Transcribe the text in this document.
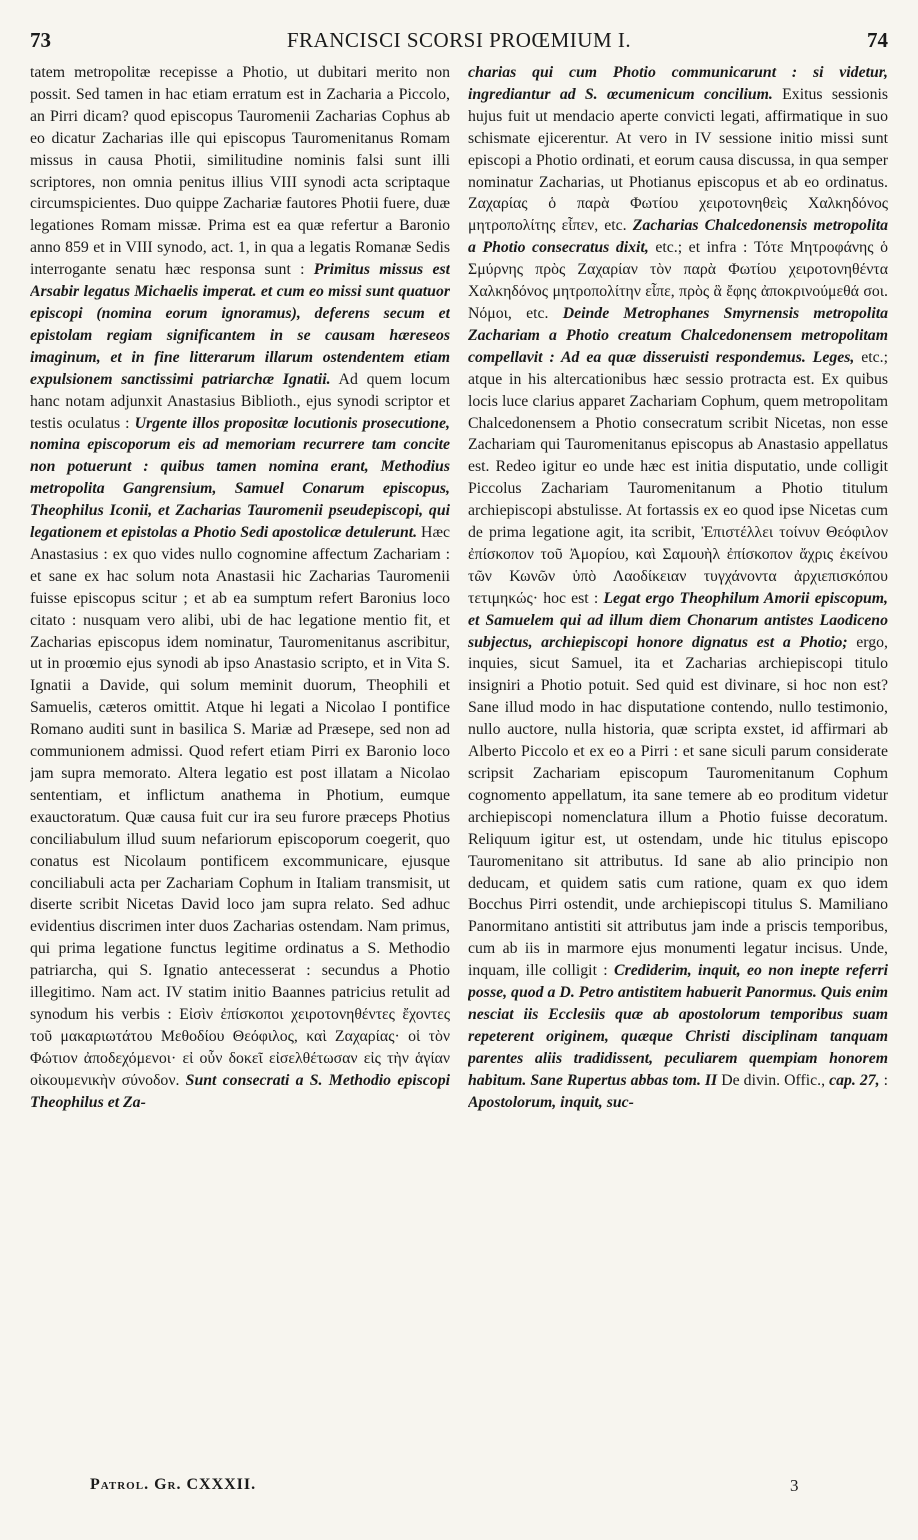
73	FRANCISCI SCORSI PROŒMIUM I.	74

tatem metropolitæ recepisse a Photio, ut dubitari merito non possit. Sed tamen in hac etiam erratum est in Zacharia a Piccolo, an Pirri dicam? quod episcopus Tauromenii Zacharias Cophus ab eo dicatur Zacharias ille qui episcopus Tauromenitanus Romam missus in causa Photii, similitudine nominis falsi sunt illi scriptores, non omnia penitus illius VIII synodi acta scriptaque circumspicientes. Duo quippe Zachariæ fautores Photii fuere, duæ legationes Romam missæ. Prima est ea quæ refertur a Baronio anno 859 et in VIII synodo, act. 1, in qua a legatis Romanæ Sedis interrogante senatu hæc responsa sunt : Primitus missus est Arsabir legatus Michaelis imperat. et cum eo missi sunt quatuor episcopi (nomina eorum ignoramus), deferens secum et epistolam regiam significantem in se causam hæreseos imaginum, et in fine litterarum illarum ostendentem etiam expulsionem sanctissimi patriarchæ Ignatii. Ad quem locum hanc notam adjunxit Anastasius Biblioth., ejus synodi scriptor et testis oculatus : Urgente illos propositæ locutionis prosecutione, nomina episcoporum eis ad memoriam recurrere tam concite non potuerunt : quibus tamen nomina erant, Methodius metropolita Gangrensium, Samuel Conarum episcopus, Theophilus Iconii, et Zacharias Tauromenii pseudepiscopi, qui legationem et epistolas a Photio Sedi apostolicæ detulerunt. Hæc Anastasius : ex quo vides nullo cognomine affectum Zachariam : et sane ex hac solum nota Anastasii hic Zacharias Tauromenii fuisse episcopus scitur ; et ab ea sumptum refert Baronius loco citato : nusquam vero alibi, ubi de hac legatione mentio fit, et Zacharias episcopus idem nominatur, Tauromenitanus ascribitur, ut in proœmio ejus synodi ab ipso Anastasio scripto, et in Vita S. Ignatii a Davide, qui solum meminit duorum, Theophili et Samuelis, cæteros omittit. Atque hi legati a Nicolao I pontifice Romano auditi sunt in basilica S. Mariæ ad Præsepe, sed non ad communionem admissi. Quod refert etiam Pirri ex Baronio loco jam supra memorato. Altera legatio est post illatam a Nicolao sententiam, et inflictum anathema in Photium, eumque exauctoratum. Quæ causa fuit cur ira seu furore præceps Photius conciliabulum illud suum nefariorum episcoporum coegerit, quo conatus est Nicolaum pontificem excommunicare, ejusque conciliabuli acta per Zachariam Cophum in Italiam transmisit, ut diserte scribit Nicetas David loco jam supra relato. Sed adhuc evidentius discrimen inter duos Zacharias ostendam. Nam primus, qui prima legatione functus legitime ordinatus a S. Methodio patriarcha, qui S. Ignatio antecesserat : secundus a Photio illegitimo. Nam act. IV statim initio Baannes patricius retulit ad synodum his verbis : Εἰσὶν ἐπίσκοποι χειροτονηθέντες ἔχοντες τοῦ μακαριωτάτου Μεθοδίου Θεόφιλος, καὶ Ζαχαρίας· οἱ τὸν Φώτιον ἀποδεχόμενοι· εἰ οὖν δοκεῖ εἰσελθέτωσαν εἰς τὴν ἁγίαν οἰκουμενικὴν σύνοδον. Sunt consecrati a S. Methodio episcopi Theophilus et Za-

charias qui cum Photio communicarunt : si videtur, ingrediantur ad S. œcumenicum concilium. Exitus sessionis hujus fuit ut mendacio aperte convicti legati, affirmatique in suo schismate ejicerentur. At vero in IV sessione initio missi sunt episcopi a Photio ordinati, et eorum causa discussa, in qua semper nominatur Zacharias, ut Photianus episcopus et ab eo ordinatus. Ζαχαρίας ὁ παρὰ Φωτίου χειροτονηθεὶς Χαλκηδόνος μητροπολίτης εἶπεν, etc. Zacharias Chalcedonensis metropolita a Photio consecratus dixit, etc.; et infra : Τότε Μητροφάνης ὁ Σμύρνης πρὸς Ζαχαρίαν τὸν παρὰ Φωτίου χειροτονηθέντα Χαλκηδόνος μητροπολίτην εἶπε, πρὸς ἃ ἔφης ἀποκρινούμεθά σοι. Νόμοι, etc. Deinde Metrophanes Smyrnensis metropolita Zachariam a Photio creatum Chalcedonensem metropolitam compellavit : Ad ea quæ disseruisti respondemus. Leges, etc.; atque in his altercationibus hæc sessio protracta est. Ex quibus locis luce clarius apparet Zachariam Cophum, quem metropolitam Chalcedonensem a Photio consecratum scribit Nicetas, non esse Zachariam qui Tauromenitanus episcopus ab Anastasio appellatus est. Redeo igitur eo unde hæc est initia disputatio, unde colligit Piccolus Zachariam Tauromenitanum a Photio titulum archiepiscopi abstulisse. At fortassis ex eo quod ipse Nicetas cum de prima legatione agit, ita scribit, Ἐπιστέλλει τοίνυν Θεόφιλον ἐπίσκοπον τοῦ Ἀμορίου, καὶ Σαμουὴλ ἐπίσκοπον ἄχρις ἐκείνου τῶν Κωνῶν ὑπὸ Λαοδίκειαν τυγχάνοντα ἀρχιεπισκόπου τετιμηκώς· hoc est : Legat ergo Theophilum Amorii episcopum, et Samuelem qui ad illum diem Chonarum antistes Laodiceno subjectus, archiepiscopi honore dignatus est a Photio; ergo, inquies, sicut Samuel, ita et Zacharias archiepiscopi titulo insigniri a Photio potuit. Sed quid est divinare, si hoc non est? Sane illud modo in hac disputatione contendo, nullo testimonio, nullo auctore, nulla historia, quæ scripta exstet, id affirmari ab Alberto Piccolo et ex eo a Pirri : et sane siculi parum considerate scripsit Zachariam episcopum Tauromenitanum Cophum cognomento appellatum, ita sane temere ab eo proditum videtur archiepiscopi nomenclatura illum a Photio fuisse decoratum. Reliquum igitur est, ut ostendam, unde hic titulus episcopo Tauromenitano sit attributus. Id sane ab alio principio non deducam, et quidem satis cum ratione, quam ex quo idem Bocchus Pirri ostendit, unde archiepiscopi titulus S. Mamiliano Panormitano antistiti sit attributus jam inde a priscis temporibus, cum ab iis in marmore ejus monumenti legatur incisus. Unde, inquam, ille colligit : Crediderim, inquit, eo non inepte referri posse, quod a D. Petro antistitem habuerit Panormus. Quis enim nesciat iis Ecclesiis quæ ab apostolorum temporibus suam repeterent originem, quæque Christi disciplinam tanquam parentes aliis tradidissent, peculiarem quempiam honorem habitum. Sane Rupertus abbas tom. II De divin. Offic., cap. 27, : Apostolorum, inquit, suc-

Patrol. Gr. CXXXII.	3
